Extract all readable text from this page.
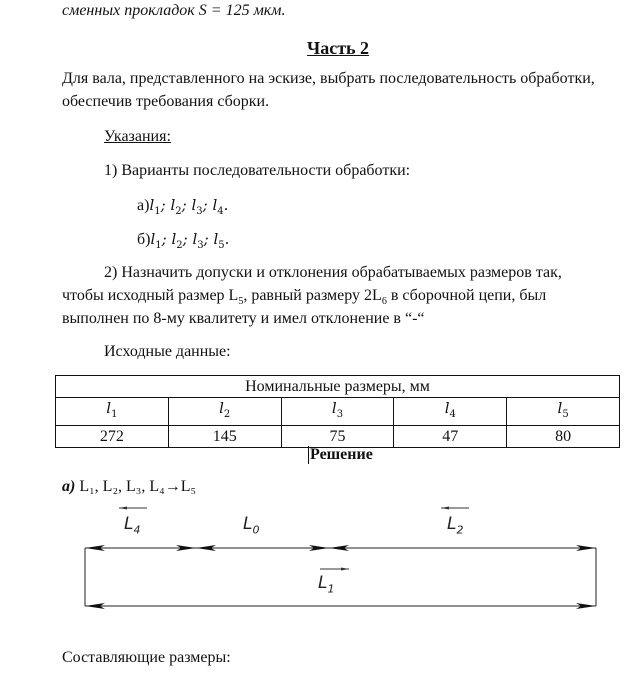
сменных прокладок S = 125 мкм.
Часть 2
Для вала, представленного на эскизе, выбрать последовательность обработки,
обеспечив требования сборки.
Указания:
1) Варианты последовательности обработки:
$а)l_1$; $l_2$; $l_3$; $l_4$.
$б)l_1$; $l_2$; $l_3$; $l_5$.
2) Назначить допуски и отклонения обрабатываемых размеров так,
чтобы исходный размер $L_5$, равный размеру $2L_6$ в сборочной цепи, был
выполнен по 8-му квалитету и имел отклонение в “-“
Исходные данные:
Номинальные размеры, мм				
$l_1$	$l_2$	$l_3$	$l_4$	$l_5$
272	145	75	47	80
Решение
а) L₁, L₂, L₃, L₄→L₅
$L_4$	$L_0$	$L_2$
$L_1$
Составляющие размеры:
